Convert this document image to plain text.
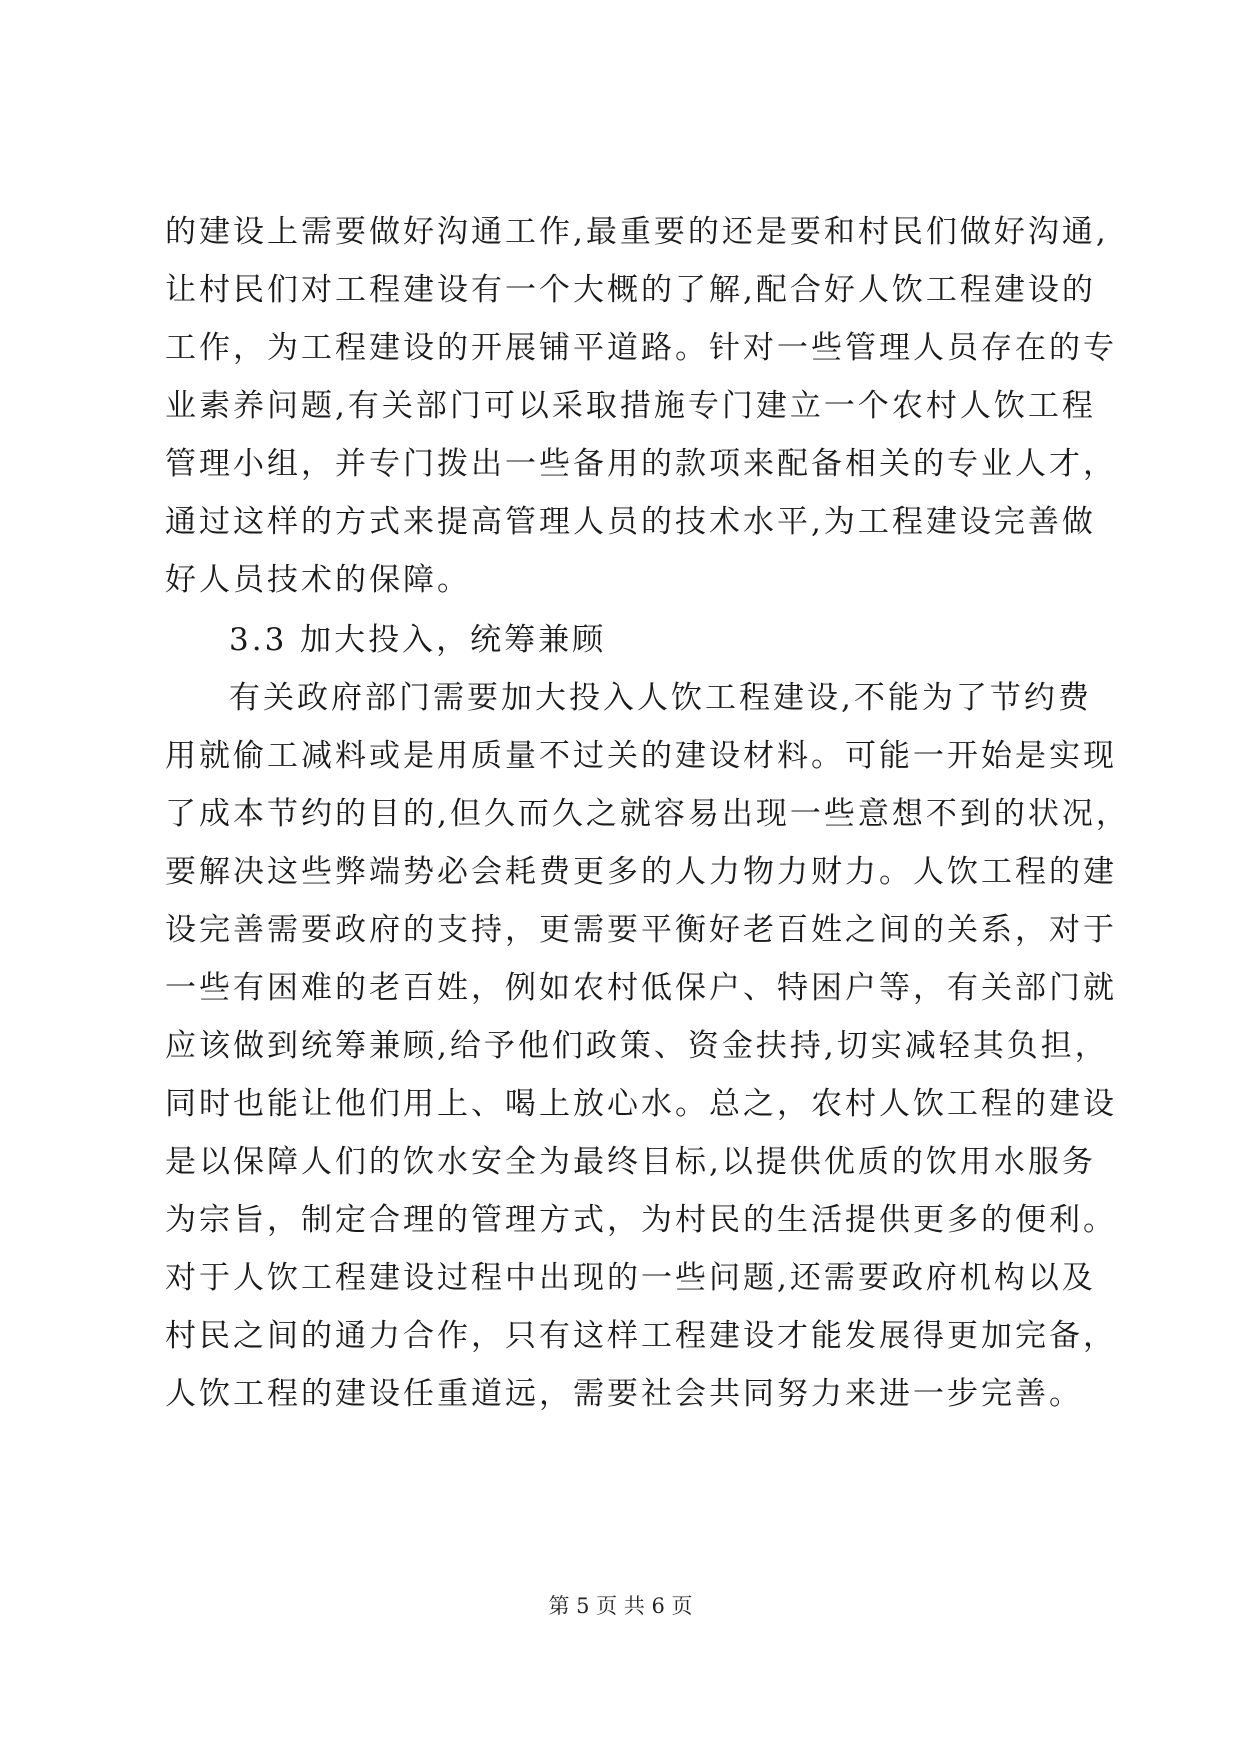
的建设上需要做好沟通工作,最重要的还是要和村民们做好沟通,
让村民们对工程建设有一个大概的了解,配合好人饮工程建设的
工作，为工程建设的开展铺平道路。针对一些管理人员存在的专
业素养问题,有关部门可以采取措施专门建立一个农村人饮工程
管理小组，并专门拨出一些备用的款项来配备相关的专业人才，
通过这样的方式来提高管理人员的技术水平,为工程建设完善做
好人员技术的保障。
3.3 加大投入，统筹兼顾
有关政府部门需要加大投入人饮工程建设,不能为了节约费
用就偷工减料或是用质量不过关的建设材料。可能一开始是实现
了成本节约的目的,但久而久之就容易出现一些意想不到的状况，
要解决这些弊端势必会耗费更多的人力物力财力。人饮工程的建
设完善需要政府的支持，更需要平衡好老百姓之间的关系，对于
一些有困难的老百姓，例如农村低保户、特困户等，有关部门就
应该做到统筹兼顾,给予他们政策、资金扶持,切实减轻其负担，
同时也能让他们用上、喝上放心水。总之，农村人饮工程的建设
是以保障人们的饮水安全为最终目标,以提供优质的饮用水服务
为宗旨，制定合理的管理方式，为村民的生活提供更多的便利。
对于人饮工程建设过程中出现的一些问题,还需要政府机构以及
村民之间的通力合作，只有这样工程建设才能发展得更加完备，
人饮工程的建设任重道远，需要社会共同努力来进一步完善。
第 5 页 共 6 页
